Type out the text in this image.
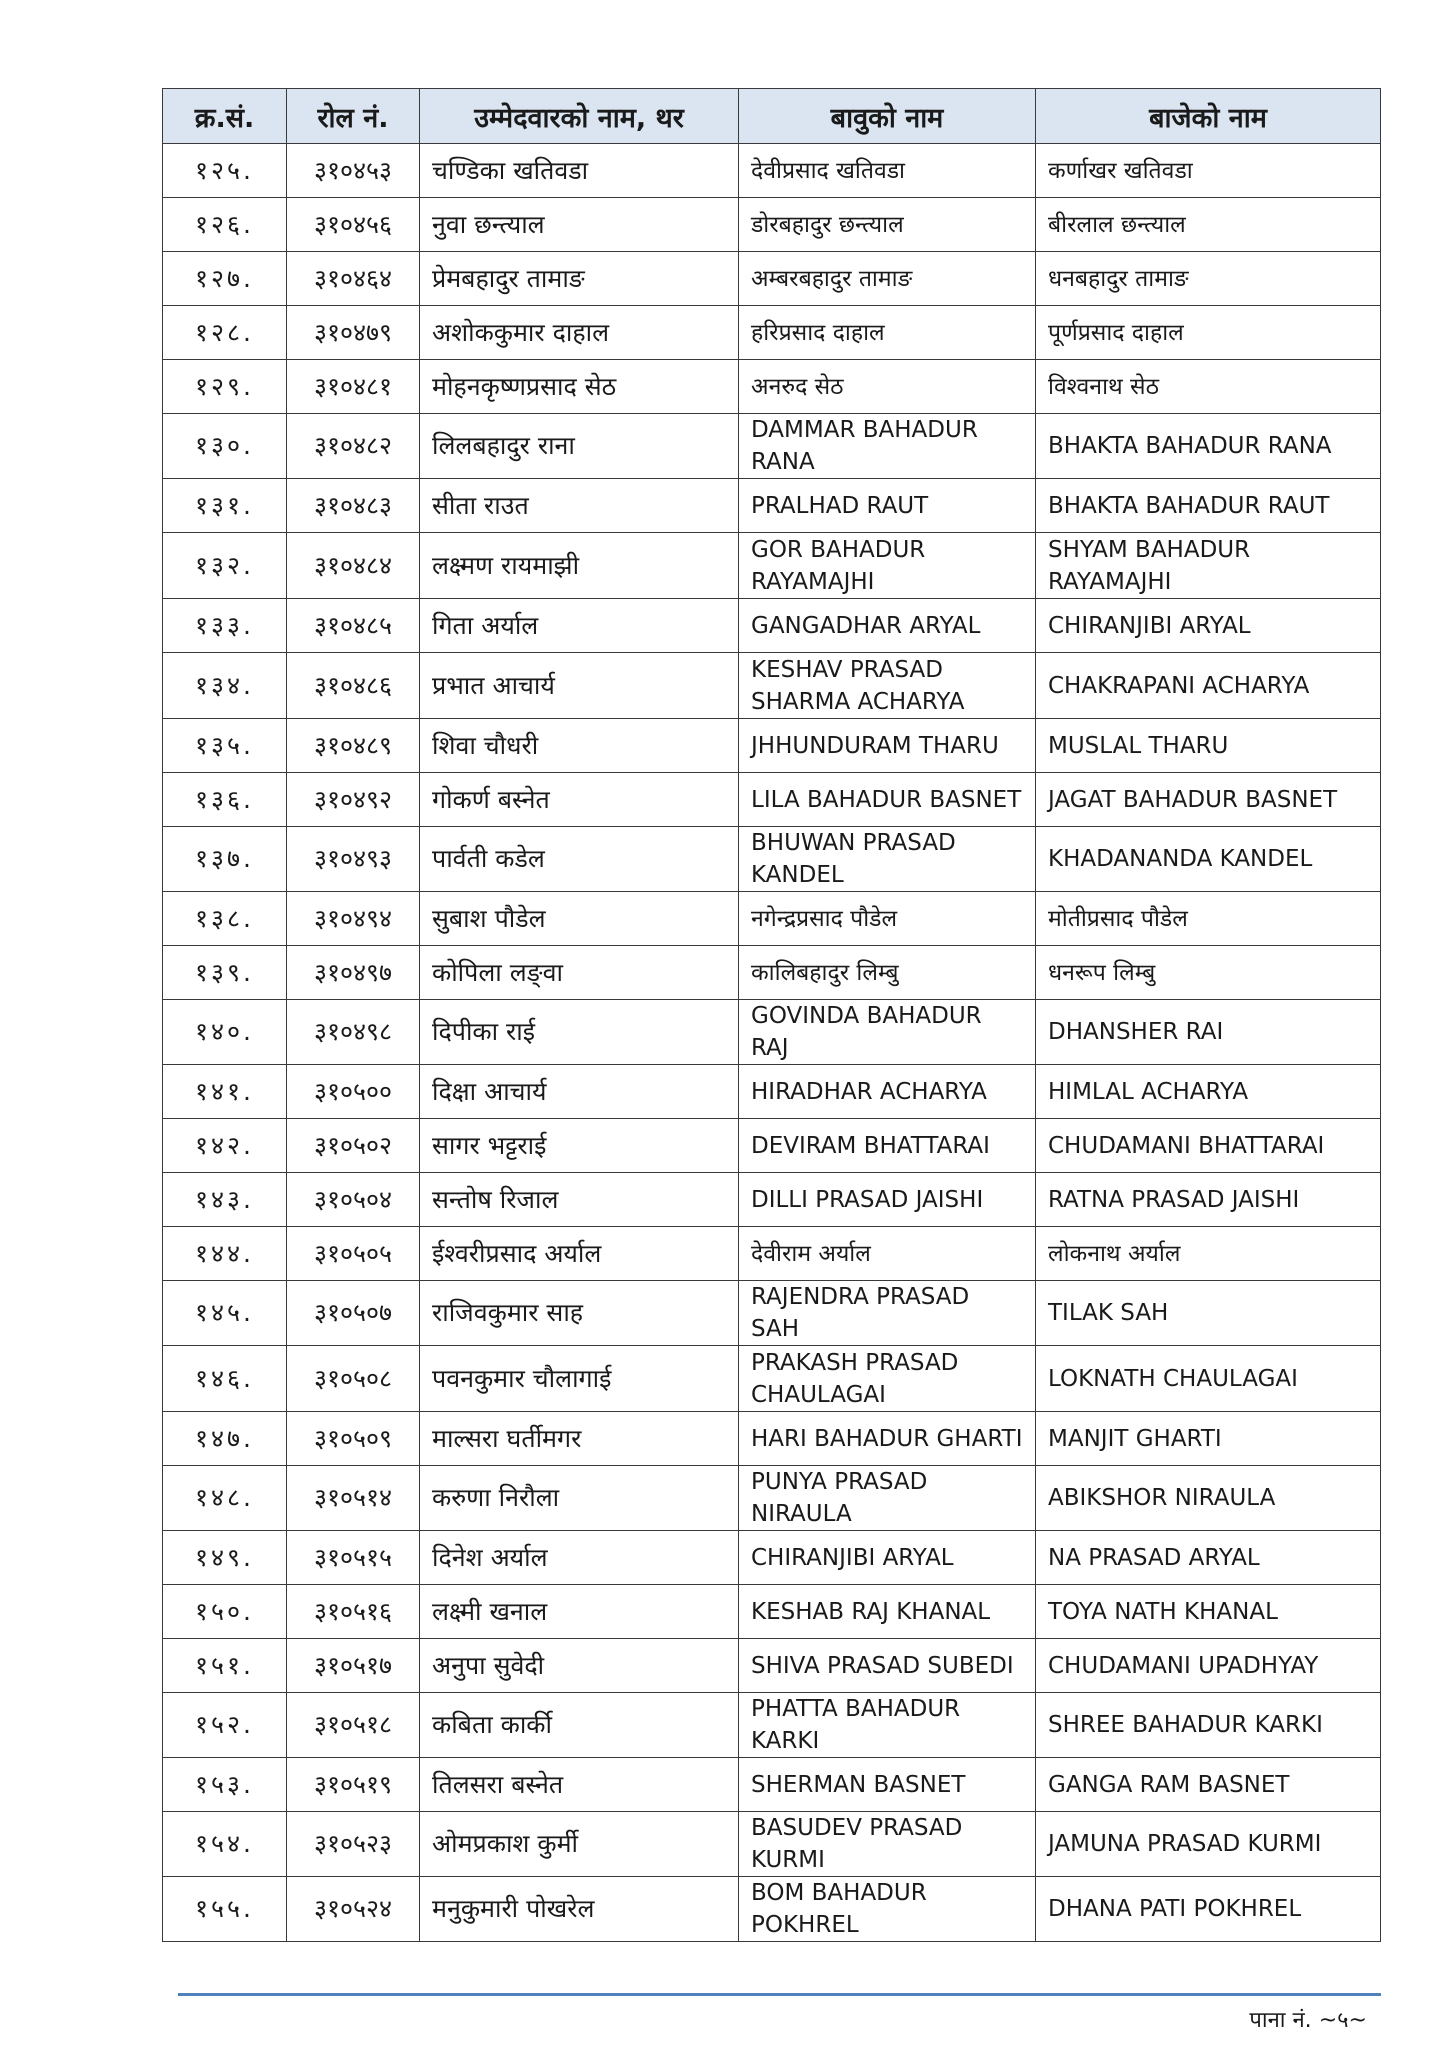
क्र.सं.	रोल नं.	उम्मेदवारको नाम, थर	बावुको नाम	बाजेको नाम
१२५.	३१०४५३	चण्डिका खतिवडा	देवीप्रसाद खतिवडा	कर्णाखर खतिवडा
१२६.	३१०४५६	नुवा छन्त्याल	डोरबहादुर छन्त्याल	बीरलाल छन्त्याल
१२७.	३१०४६४	प्रेमबहादुर तामाङ	अम्बरबहादुर तामाङ	धनबहादुर तामाङ
१२८.	३१०४७९	अशोककुमार दाहाल	हरिप्रसाद दाहाल	पूर्णप्रसाद दाहाल
१२९.	३१०४८१	मोहनकृष्णप्रसाद सेठ	अनरुद सेठ	विश्वनाथ सेठ
१३०.	३१०४८२	लिलबहादुर राना	DAMMAR BAHADUR RANA	BHAKTA BAHADUR RANA
१३१.	३१०४८३	सीता राउत	PRALHAD RAUT	BHAKTA BAHADUR RAUT
१३२.	३१०४८४	लक्ष्मण रायमाझी	GOR BAHADUR RAYAMAJHI	SHYAM BAHADUR RAYAMAJHI
१३३.	३१०४८५	गिता अर्याल	GANGADHAR ARYAL	CHIRANJIBI ARYAL
१३४.	३१०४८६	प्रभात आचार्य	KESHAV PRASAD SHARMA ACHARYA	CHAKRAPANI ACHARYA
१३५.	३१०४८९	शिवा चौधरी	JHHUNDURAM THARU	MUSLAL THARU
१३६.	३१०४९२	गोकर्ण बस्नेत	LILA BAHADUR BASNET	JAGAT BAHADUR BASNET
१३७.	३१०४९३	पार्वती कडेल	BHUWAN PRASAD KANDEL	KHADANANDA KANDEL
१३८.	३१०४९४	सुबाश पौडेल	नगेन्द्रप्रसाद पौडेल	मोतीप्रसाद पौडेल
१३९.	३१०४९७	कोपिला लङ्वा	कालिबहादुर लिम्बु	धनरूप लिम्बु
१४०.	३१०४९८	दिपीका राई	GOVINDA BAHADUR RAJ	DHANSHER RAI
१४१.	३१०५००	दिक्षा आचार्य	HIRADHAR ACHARYA	HIMLAL ACHARYA
१४२.	३१०५०२	सागर भट्टराई	DEVIRAM BHATTARAI	CHUDAMANI BHATTARAI
१४३.	३१०५०४	सन्तोष रिजाल	DILLI PRASAD JAISHI	RATNA PRASAD JAISHI
१४४.	३१०५०५	ईश्वरीप्रसाद अर्याल	देवीराम अर्याल	लोकनाथ अर्याल
१४५.	३१०५०७	राजिवकुमार साह	RAJENDRA PRASAD SAH	TILAK SAH
१४६.	३१०५०८	पवनकुमार चौलागाई	PRAKASH PRASAD CHAULAGAI	LOKNATH CHAULAGAI
१४७.	३१०५०९	माल्सरा घर्तीमगर	HARI BAHADUR GHARTI	MANJIT GHARTI
१४८.	३१०५१४	करुणा निरौला	PUNYA PRASAD NIRAULA	ABIKSHOR NIRAULA
१४९.	३१०५१५	दिनेश अर्याल	CHIRANJIBI ARYAL	NA PRASAD ARYAL
१५०.	३१०५१६	लक्ष्मी खनाल	KESHAB RAJ KHANAL	TOYA NATH KHANAL
१५१.	३१०५१७	अनुपा सुवेदी	SHIVA PRASAD SUBEDI	CHUDAMANI UPADHYAY
१५२.	३१०५१८	कबिता कार्की	PHATTA BAHADUR KARKI	SHREE BAHADUR KARKI
१५३.	३१०५१९	तिलसरा बस्नेत	SHERMAN BASNET	GANGA RAM BASNET
१५४.	३१०५२३	ओमप्रकाश कुर्मी	BASUDEV PRASAD KURMI	JAMUNA PRASAD KURMI
१५५.	३१०५२४	मनुकुमारी पोखरेल	BOM BAHADUR POKHREL	DHANA PATI POKHREL
पाना नं. ~५~
